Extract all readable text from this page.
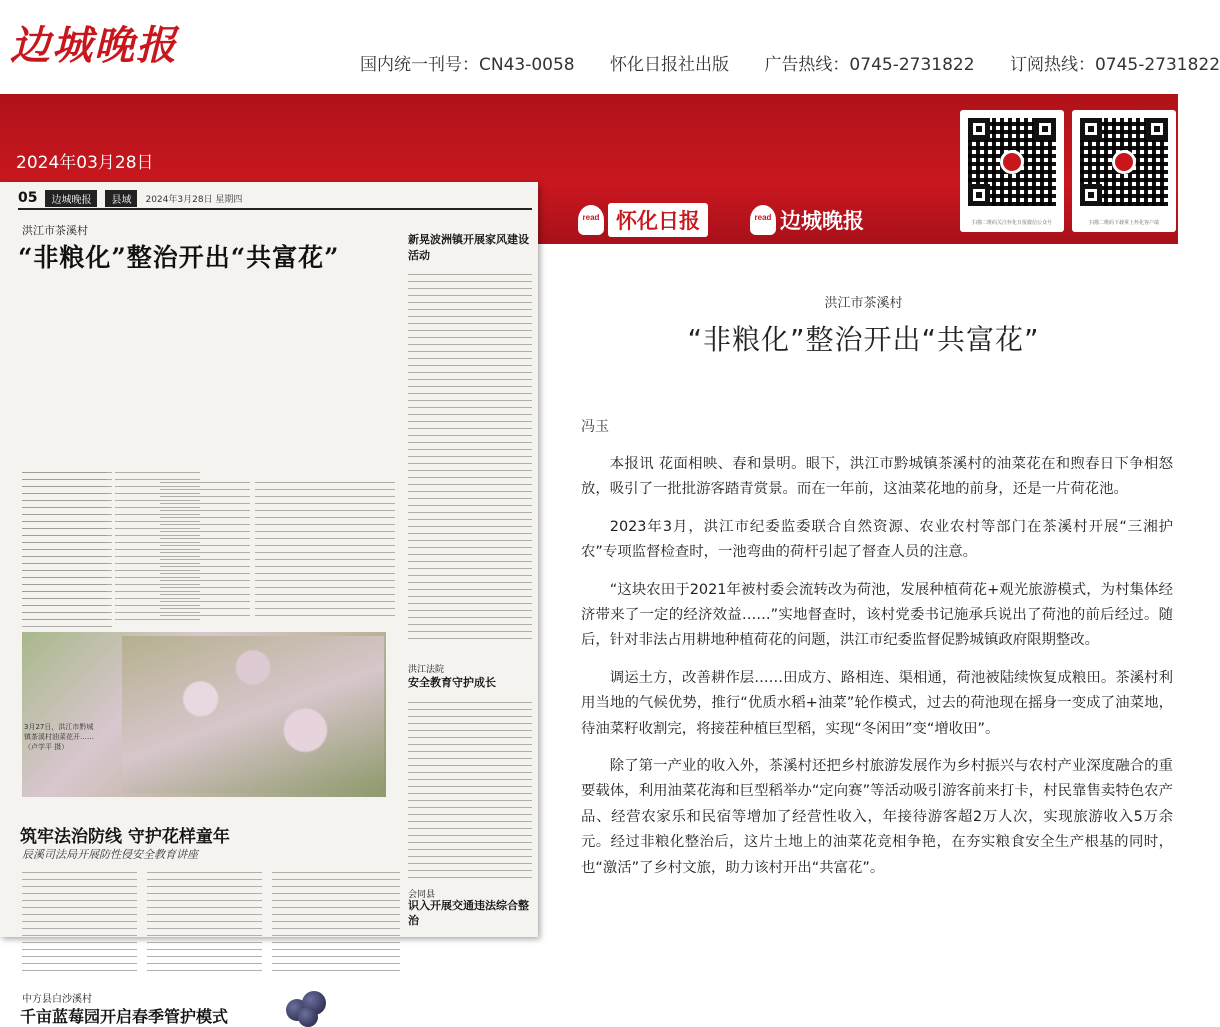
边城晚报	国内统一刊号：CN43-0058 怀化日报社出版 广告热线：0745-2731822 订阅热线：0745-2731822
2024年03月28日
扫描二维码关注怀化日报微信公众号	扫描二维码下载掌上怀化客户端
read 怀化日报	read 边城晚报
05	边城晚报	县域	2024年3月28日 星期四
洪江市茶溪村
“非粮化”整治开出“共富花”
新晃波洲镇开展家风建设活动
3月27日，洪江市黔城镇茶溪村油菜花开……（卢学平 摄）
洪江法院
安全教育守护成长
筑牢法治防线 守护花样童年
辰溪司法局开展防性侵安全教育讲座
会同县
识入开展交通违法综合整治
中方县白沙溪村
千亩蓝莓园开启春季管护模式
洪江市茶溪村
“非粮化”整治开出“共富花”
冯玉

本报讯 花面相映、春和景明。眼下，洪江市黔城镇茶溪村的油菜花在和煦春日下争相怒放，吸引了一批批游客踏青赏景。而在一年前，这油菜花地的前身，还是一片荷花池。

2023年3月，洪江市纪委监委联合自然资源、农业农村等部门在茶溪村开展“三湘护农”专项监督检查时，一池弯曲的荷杆引起了督查人员的注意。

“这块农田于2021年被村委会流转改为荷池，发展种植荷花+观光旅游模式，为村集体经济带来了一定的经济效益……”实地督查时，该村党委书记施承兵说出了荷池的前后经过。随后，针对非法占用耕地种植荷花的问题，洪江市纪委监督促黔城镇政府限期整改。

调运土方，改善耕作层……田成方、路相连、渠相通，荷池被陆续恢复成粮田。茶溪村利用当地的气候优势，推行“优质水稻+油菜”轮作模式，过去的荷池现在摇身一变成了油菜地，待油菜籽收割完，将接茬种植巨型稻，实现“冬闲田”变“增收田”。

除了第一产业的收入外，茶溪村还把乡村旅游发展作为乡村振兴与农村产业深度融合的重要载体，利用油菜花海和巨型稻举办“定向赛”等活动吸引游客前来打卡，村民靠售卖特色农产品、经营农家乐和民宿等增加了经营性收入，年接待游客超2万人次，实现旅游收入5万余元。经过非粮化整治后，这片土地上的油菜花竞相争艳，在夯实粮食安全生产根基的同时，也“激活”了乡村文旅，助力该村开出“共富花”。
